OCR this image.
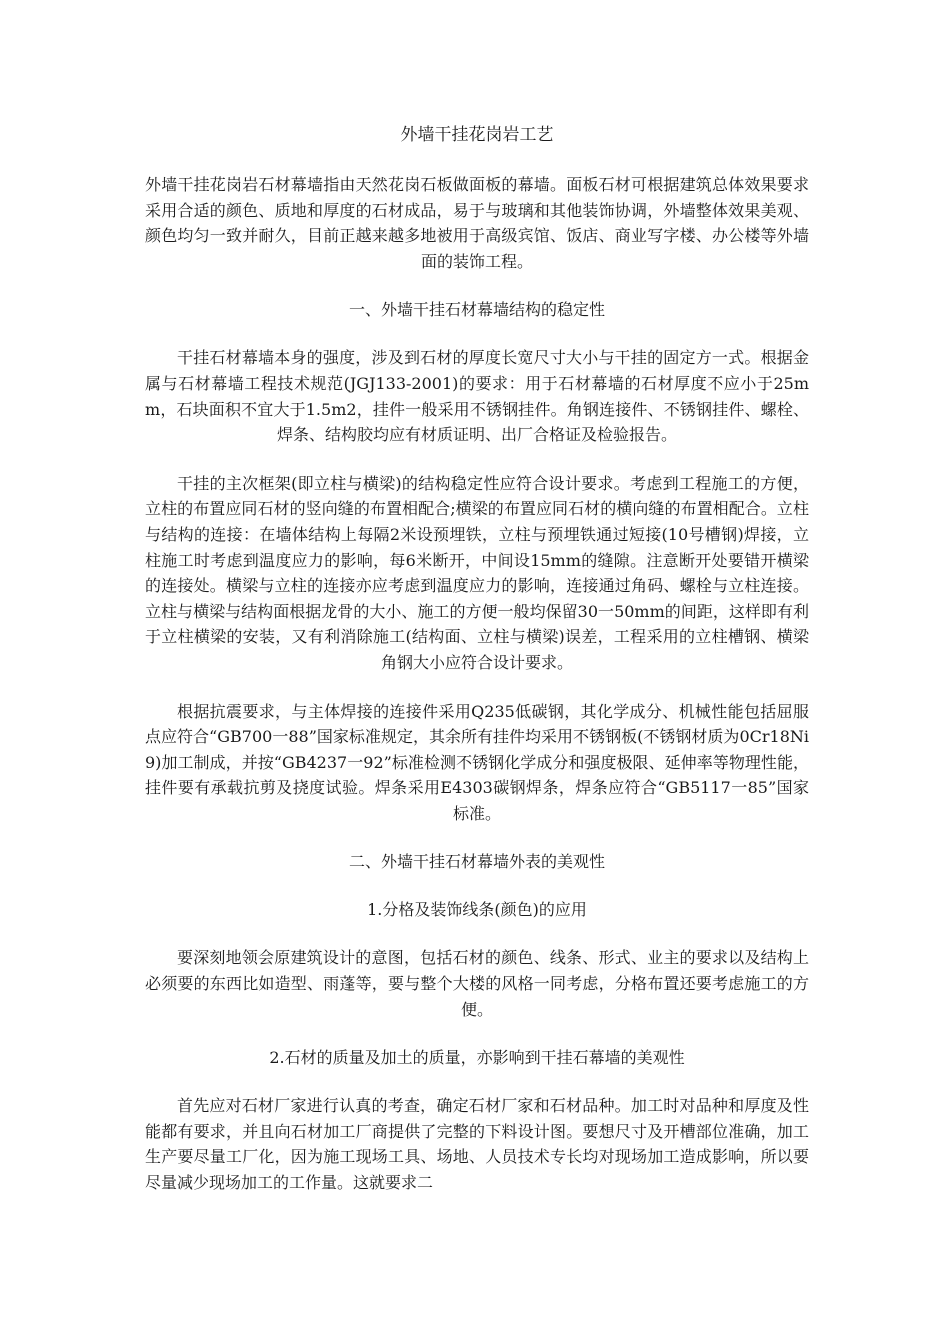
外墙干挂花岗岩工艺

外墙干挂花岗岩石材幕墙指由天然花岗石板做面板的幕墙。面板石材可根据建筑总体效果要求采用合适的颜色、质地和厚度的石材成品，易于与玻璃和其他装饰协调，外墙整体效果美观、颜色均匀一致并耐久，目前正越来越多地被用于高级宾馆、饭店、商业写字楼、办公楼等外墙面的装饰工程。

一、外墙干挂石材幕墙结构的稳定性

干挂石材幕墙本身的强度，涉及到石材的厚度长宽尺寸大小与干挂的固定方一式。根据金属与石材幕墙工程技术规范(JGJ133-2001)的要求：用于石材幕墙的石材厚度不应小于25mm，石块面积不宜大于1.5m2，挂件一般采用不锈钢挂件。角钢连接件、不锈钢挂件、螺栓、焊条、结构胶均应有材质证明、出厂合格证及检验报告。

干挂的主次框架(即立柱与横梁)的结构稳定性应符合设计要求。考虑到工程施工的方便，立柱的布置应同石材的竖向缝的布置相配合;横梁的布置应同石材的横向缝的布置相配合。立柱与结构的连接：在墙体结构上每隔2米设预埋铁，立柱与预埋铁通过短接(10号槽钢)焊接，立柱施工时考虑到温度应力的影响，每6米断开，中间设15mm的缝隙。注意断开处要错开横梁的连接处。横梁与立柱的连接亦应考虑到温度应力的影响，连接通过角码、螺栓与立柱连接。立柱与横梁与结构面根据龙骨的大小、施工的方便一般均保留30一50mm的间距，这样即有利于立柱横梁的安装，又有利消除施工(结构面、立柱与横梁)误差，工程采用的立柱槽钢、横梁角钢大小应符合设计要求。

根据抗震要求，与主体焊接的连接件采用Q235低碳钢，其化学成分、机械性能包括屈服点应符合“GB700一88”国家标准规定，其余所有挂件均采用不锈钢板(不锈钢材质为0Cr18Ni9)加工制成，并按“GB4237一92”标准检测不锈钢化学成分和强度极限、延伸率等物理性能，挂件要有承载抗剪及挠度试验。焊条采用E4303碳钢焊条，焊条应符合“GB5117一85”国家标准。

二、外墙干挂石材幕墙外表的美观性
1.分格及装饰线条(颜色)的应用

要深刻地领会原建筑设计的意图，包括石材的颜色、线条、形式、业主的要求以及结构上必须要的东西比如造型、雨蓬等，要与整个大楼的风格一同考虑，分格布置还要考虑施工的方便。

2.石材的质量及加土的质量，亦影响到干挂石幕墙的美观性

首先应对石材厂家进行认真的考查，确定石材厂家和石材品种。加工时对品种和厚度及性能都有要求，并且向石材加工厂商提供了完整的下料设计图。要想尺寸及开槽部位准确，加工生产要尽量工厂化，因为施工现场工具、场地、人员技术专长均对现场加工造成影响，所以要尽量减少现场加工的工作量。这就要求二
